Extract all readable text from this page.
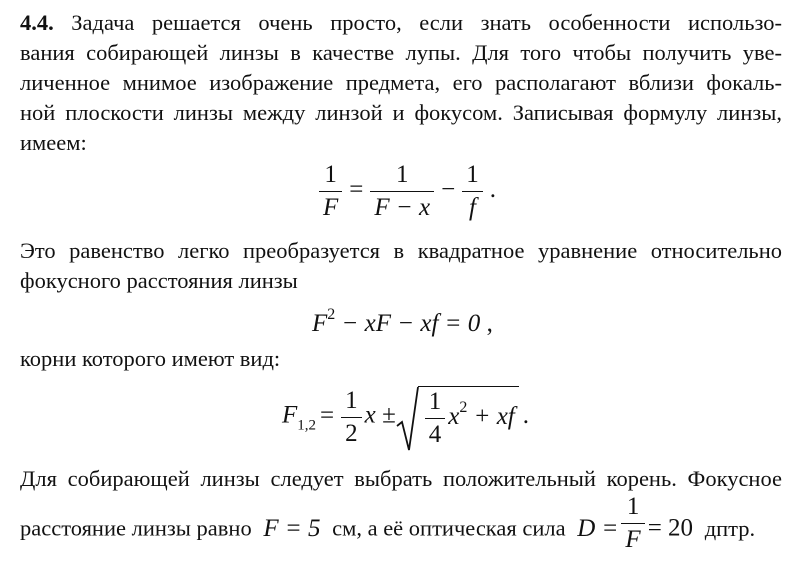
4.4. Задача решается очень просто, если знать особенности использо-
вания собирающей линзы в качестве лупы. Для того чтобы получить уве-
личенное мнимое изображение предмета, его располагают вблизи фокаль-
ной плоскости линзы между линзой и фокусом. Записывая формулу линзы,
имеем:
$\frac{1}{F} = \frac{1}{F - x} - \frac{1}{f}$ .
Это равенство легко преобразуется в квадратное уравнение относительно
фокусного расстояния линзы
$F^2$ − xF − xf = 0 ,
корни которого имеют вид:
$F_{1,2} = \frac{1}{2}$ $x \pm \frac{1}{4} x^2$ + xf .
Для собирающей линзы следует выбрать положительный корень. Фокусное
расстояние линзы равно F = 5 см, а её оптическая сила $D = \frac{1}{F} = 20$ дптр.
